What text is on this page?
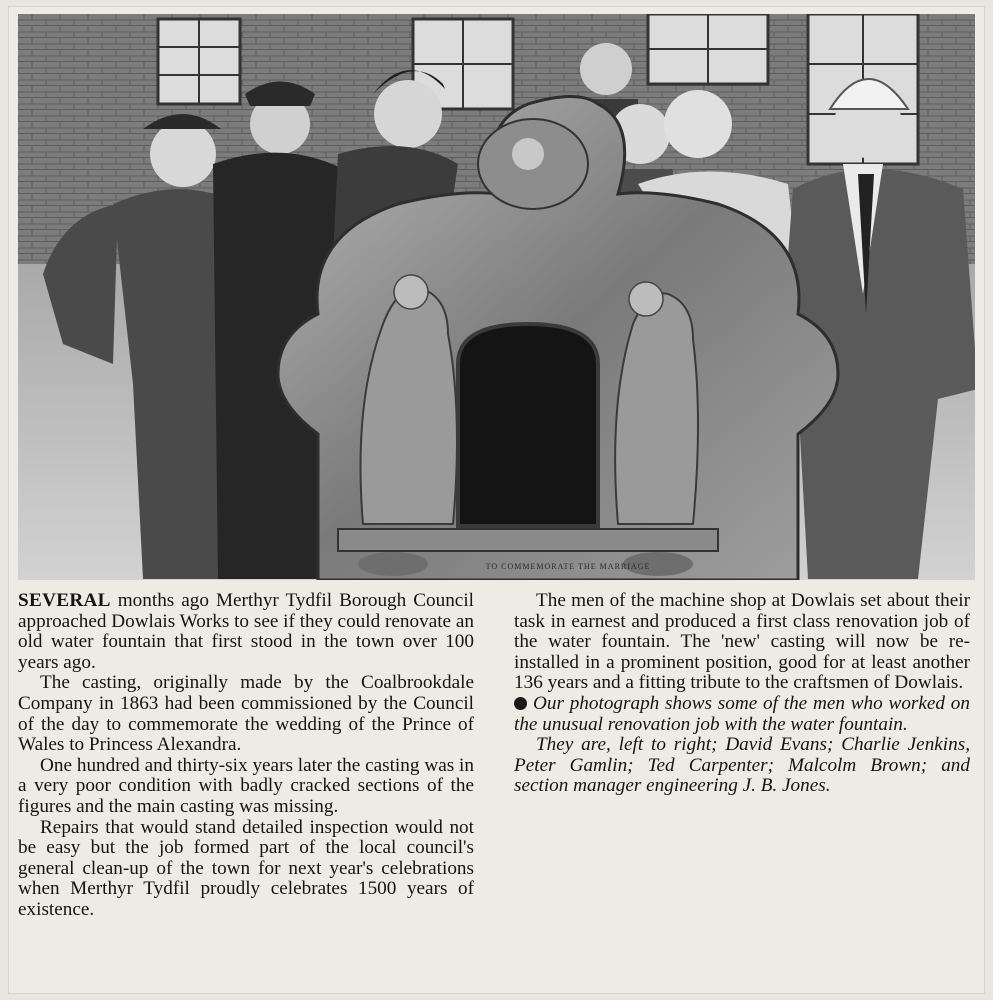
TO COMMEMORATE THE MARRIAGE

SEVERAL months ago Merthyr Tydfil Borough Council approached Dowlais Works to see if they could renovate an old water fountain that first stood in the town over 100 years ago.

The casting, originally made by the Coalbrookdale Company in 1863 had been commissioned by the Council of the day to commemorate the wedding of the Prince of Wales to Princess Alexandra.

One hundred and thirty-six years later the casting was in a very poor condition with badly cracked sections of the figures and the main casting was missing.

Repairs that would stand detailed inspection would not be easy but the job formed part of the local council's general clean-up of the town for next year's celebrations when Merthyr Tydfil proudly celebrates 1500 years of existence.

The men of the machine shop at Dowlais set about their task in earnest and produced a first class renovation job of the water fountain. The 'new' casting will now be re-installed in a prominent position, good for at least another 136 years and a fitting tribute to the craftsmen of Dowlais.

Our photograph shows some of the men who worked on the unusual renovation job with the water fountain.

They are, left to right; David Evans; Charlie Jenkins, Peter Gamlin; Ted Carpenter; Malcolm Brown; and section manager engineering J. B. Jones.
